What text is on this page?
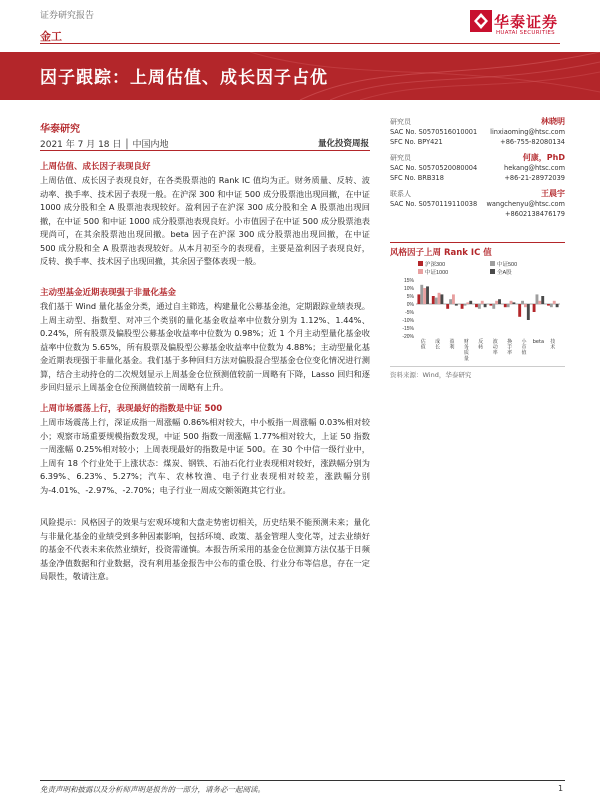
证券研究报告	华泰证券
HUATAI SECURITIES
金工
因子跟踪：上周估值、成长因子占优
华泰研究
2021 年 7 月 18 日 │ 中国内地	量化投资周报
上周估值、成长因子表现良好
上周估值、成长因子表现良好，在各类股票池的 Rank IC 值均为正。财务质量、反转、波动率、换手率、技术因子表现一般。在沪深 300 和中证 500 成分股票池出现回撤，在中证 1000 成分股和全 A 股票池表现较好。盈利因子在沪深 300 成分股和全 A 股票池出现回撤，在中证 500 和中证 1000 成分股票池表现良好。小市值因子在中证 500 成分股票池表现尚可，在其余股票池出现回撤。beta 因子在沪深 300 成分股票池出现回撤，在中证 500 成分股和全 A 股票池表现较好。从本月初至今的表现看，主要是盈利因子表现良好，反转、换手率、技术因子出现回撤，其余因子整体表现一般。
主动型基金近期表现强于非量化基金
我们基于 Wind 量化基金分类，通过自主筛选，构建量化公募基金池，定期跟踪业绩表现。上周主动型、指数型、对冲三个类别的量化基金收益率中位数分别为 1.12%、1.44%、0.24%，所有股票及偏股型公募基金收益率中位数为 0.98%；近 1 个月主动型量化基金收益率中位数为 5.65%，所有股票及偏股型公募基金收益率中位数为 4.88%；主动型量化基金近期表现强于非量化基金。我们基于多种回归方法对偏股混合型基金仓位变化情况进行测算，结合主动持仓的二次规划显示上周基金仓位预测值较前一周略有下降，Lasso 回归和逐步回归显示上周基金仓位预测值较前一周略有上升。
上周市场震荡上行，表现最好的指数是中证 500
上周市场震荡上行，深证成指一周涨幅 0.86%相对较大，中小板指一周涨幅 0.03%相对较小；观察市场重要规模指数发现，中证 500 指数一周涨幅 1.77%相对较大，上证 50 指数一周涨幅 0.25%相对较小；上周表现最好的指数是中证 500。在 30 个中信一级行业中，上周有 18 个行业处于上涨状态：煤炭、钢铁、石油石化行业表现相对较好，涨跌幅分别为 6.39%、6.23%、5.27%；汽车、农林牧渔、电子行业表现相对较差，涨跌幅分别为-4.01%、-2.97%、-2.70%；电子行业一周成交额领跑其它行业。
风险提示：风格因子的效果与宏观环境和大盘走势密切相关，历史结果不能预测未来；量化与非量化基金的业绩受到多种因素影响，包括环境、政策、基金管理人变化等，过去业绩好的基金不代表未来依然业绩好，投资需谨慎。本报告所采用的基金仓位测算方法仅基于日频基金净值数据和行业数据，没有利用基金报告中公布的重仓股、行业分布等信息，存在一定局限性，敬请注意。
研究员	林晓明
SAC No. S0570516010001 linxiaoming@htsc.com
SFC No. BPY421	+86-755-82080134
研究员	何康，PhD
SAC No. S0570520080004	hekang@htsc.com
SFC No. BRB318	+86-21-28972039
联系人	王晨宇
SAC No. S0570119110038 wangchenyu@htsc.com
+8602138476179
风格因子上周 Rank IC 值
沪深300	中证500
中证1000	全A股
15%
10%
5%
0%
-5%
-10%
-15%
-20%
估值
成长
盈利
财务质量
反转
波动率
换手率
小市值
beta 技术
资料来源：Wind，华泰研究
免责声明和披露以及分析师声明是报告的一部分，请务必一起阅读。	1
